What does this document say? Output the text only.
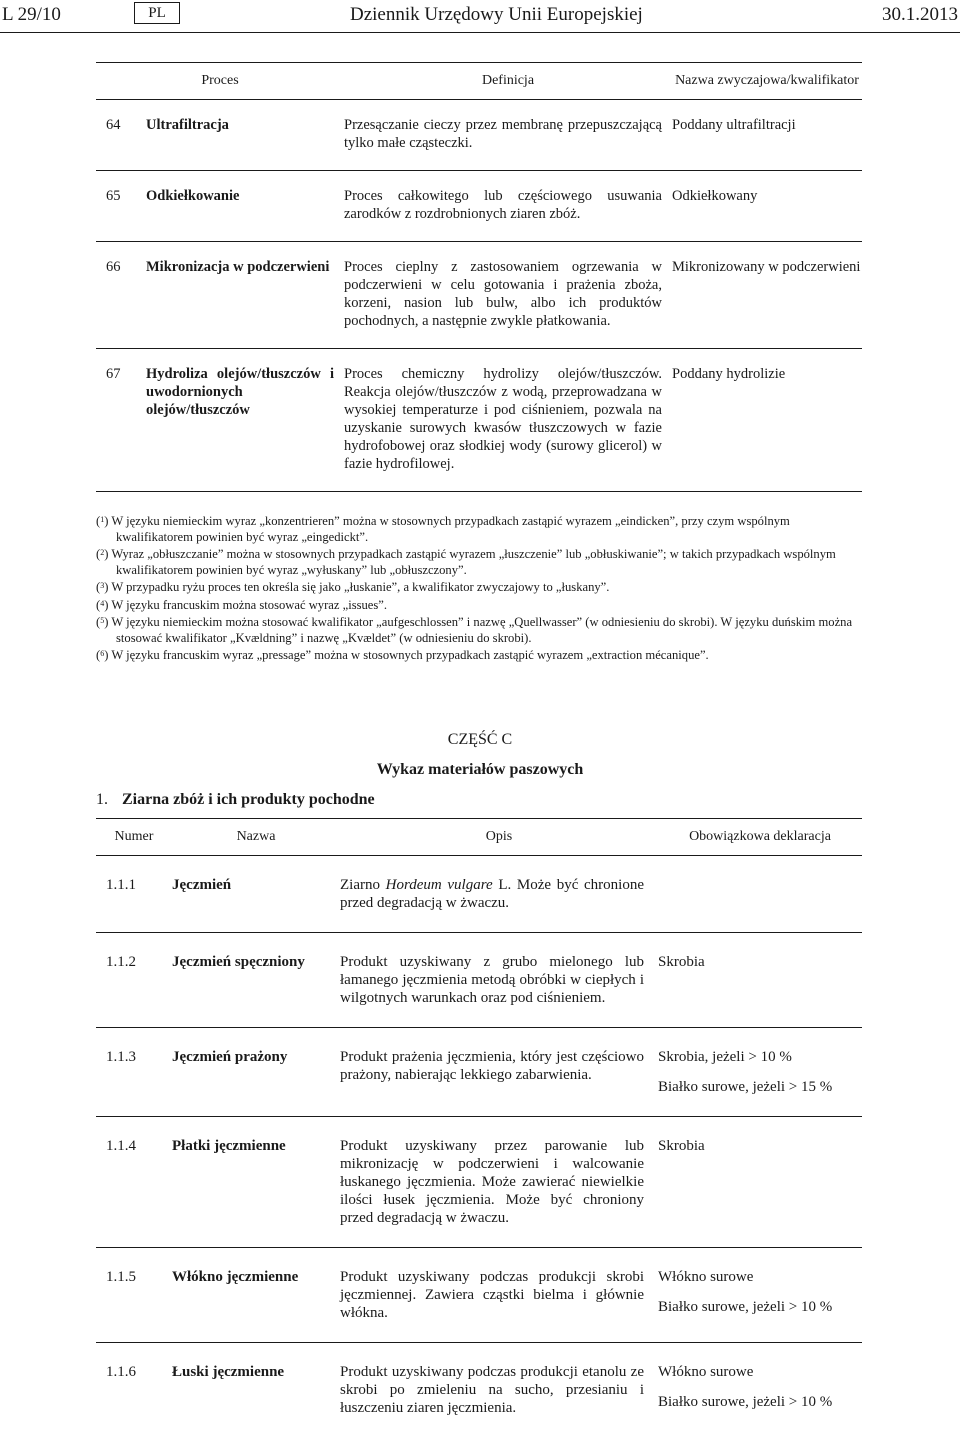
L 29/10	PL	Dziennik Urzędowy Unii Europejskiej	30.1.2013
Proces		Definicja	Nazwa zwyczajowa/kwalifikator
64	Ultrafiltracja	Przesączanie cieczy przez membranę przepuszczającą tylko małe cząsteczki.	Poddany ultrafiltracji
65	Odkiełkowanie	Proces całkowitego lub częściowego usuwania zarodków z rozdrobnionych ziaren zbóż.	Odkiełkowany
66	Mikronizacja w podczerwieni	Proces cieplny z zastosowaniem ogrzewania w podczerwieni w celu gotowania i prażenia zboża, korzeni, nasion lub bulw, albo ich produktów pochodnych, a następnie zwykle płatkowania.	Mikronizowany w podczerwieni
67	Hydroliza olejów/tłuszczów i uwodornionych olejów/tłuszczów	Proces chemiczny hydrolizy olejów/tłuszczów. Reakcja olejów/tłuszczów z wodą, przeprowadzana w wysokiej temperaturze i pod ciśnieniem, pozwala na uzyskanie surowych kwasów tłuszczowych w fazie hydrofobowej oraz słodkiej wody (surowy glicerol) w fazie hydrofilowej.	Poddany hydrolizie

($^1$) W języku niemieckim wyraz „konzentrieren” można w stosownych przypadkach zastąpić wyrazem „eindicken”, przy czym wspólnym kwalifikatorem powinien być wyraz „eingedickt”.

($^2$) Wyraz „obłuszczanie” można w stosownych przypadkach zastąpić wyrazem „łuszczenie” lub „obłuskiwanie”; w takich przypadkach wspólnym kwalifikatorem powinien być wyraz „wyłuskany” lub „obłuszczony”.

($^3$) W przypadku ryżu proces ten określa się jako „łuskanie”, a kwalifikator zwyczajowy to „łuskany”.

($^4$) W języku francuskim można stosować wyraz „issues”.

($^5$) W języku niemieckim można stosować kwalifikator „aufgeschlossen” i nazwę „Quellwasser” (w odniesieniu do skrobi). W języku duńskim można stosować kwalifikator „Kvældning” i nazwę „Kvældet” (w odniesieniu do skrobi).

($^6$) W języku francuskim wyraz „pressage” można w stosownych przypadkach zastąpić wyrazem „extraction mécanique”.

CZĘŚĆ C
Wykaz materiałów paszowych
1. Ziarna zbóż i ich produkty pochodne
Numer	Nazwa	Opis	Obowiązkowa deklaracja
1.1.1	Jęczmień	Ziarno Hordeum vulgare L. Może być chronione przed degradacją w żwaczu.	
1.1.2	Jęczmień spęczniony	Produkt uzyskiwany z grubo mielonego lub łamanego jęczmienia metodą obróbki w ciepłych i wilgotnych warunkach oraz pod ciśnieniem.	Skrobia

1.1.3	Jęczmień prażony	Produkt prażenia jęczmienia, który jest częściowo prażony, nabierając lekkiego zabarwienia.	Skrobia, jeżeli > 10 %

Białko surowe, jeżeli > 15 %

1.1.4	Płatki jęczmienne	Produkt uzyskiwany przez parowanie lub mikronizację w podczerwieni i walcowanie łuskanego jęczmienia. Może zawierać niewielkie ilości łusek jęczmienia. Może być chroniony przed degradacją w żwaczu.	Skrobia

1.1.5	Włókno jęczmienne	Produkt uzyskiwany podczas produkcji skrobi jęczmiennej. Zawiera cząstki bielma i głównie włókna.	Włókno surowe

Białko surowe, jeżeli > 10 %

1.1.6	Łuski jęczmienne	Produkt uzyskiwany podczas produkcji etanolu ze skrobi po zmieleniu na sucho, przesianiu i łuszczeniu ziaren jęczmienia.	Włókno surowe

Białko surowe, jeżeli > 10 %
